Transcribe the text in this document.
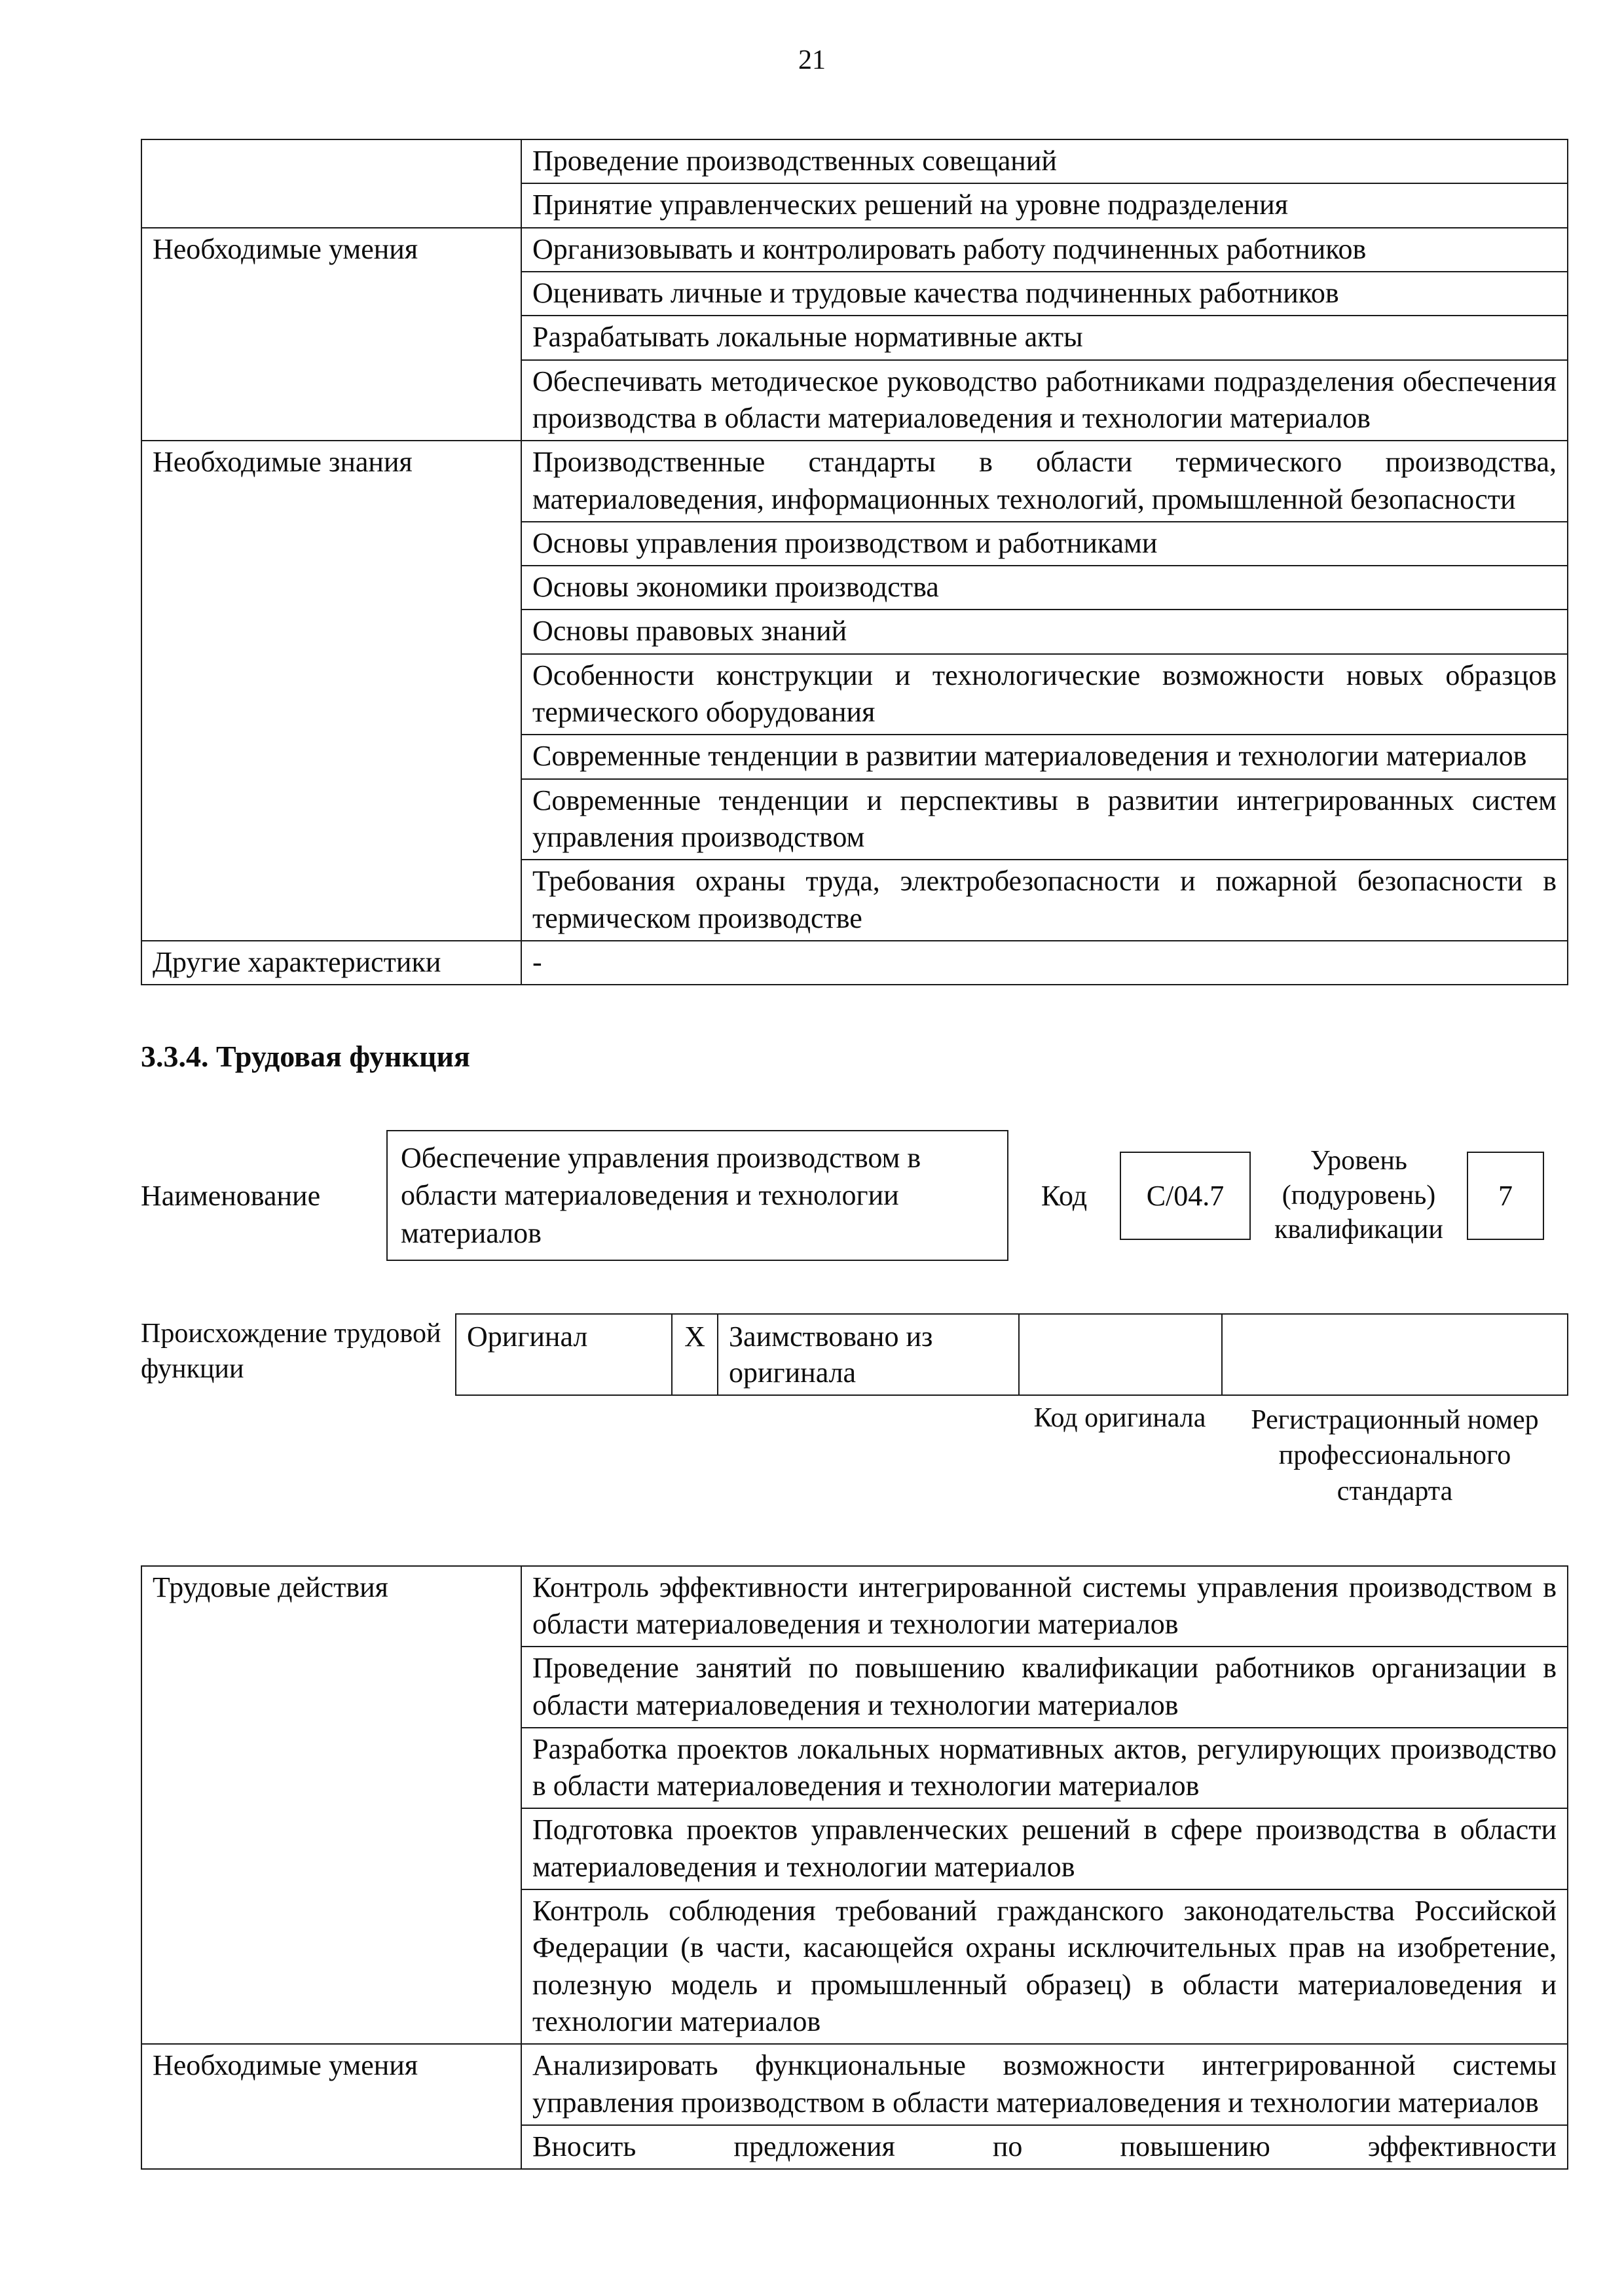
21
	Проведение производственных совещаний
	Принятие управленческих решений на уровне подразделения
Необходимые умения	Организовывать и контролировать работу подчиненных работников
	Оценивать личные и трудовые качества подчиненных работников
	Разрабатывать локальные нормативные акты
	Обеспечивать методическое руководство работниками подразделения обеспечения производства в области материаловедения и технологии материалов
Необходимые знания	Производственные стандарты в области термического производства, материаловедения, информационных технологий, промышленной безопасности
	Основы управления производством и работниками
	Основы экономики производства
	Основы правовых знаний
	Особенности конструкции и технологические возможности новых образцов термического оборудования
	Современные тенденции в развитии материаловедения и технологии материалов
	Современные тенденции и перспективы в развитии интегрированных систем управления производством
	Требования охраны труда, электробезопасности и пожарной безопасности в термическом производстве
Другие характеристики	-
3.3.4. Трудовая функция
Наименование
Обеспечение управления производством в области материаловедения и технологии материалов
Код	С/04.7
Уровень (подуровень) квалификации
7
Происхождение трудовой функции
Оригинал	X	Заимствовано из оригинала		
Код оригинала	Регистрационный номер профессионального стандарта
Трудовые действия	Контроль эффективности интегрированной системы управления производством в области материаловедения и технологии материалов
	Проведение занятий по повышению квалификации работников организации в области материаловедения и технологии материалов
	Разработка проектов локальных нормативных актов, регулирующих производство в области материаловедения и технологии материалов
	Подготовка проектов управленческих решений в сфере производства в области материаловедения и технологии материалов
	Контроль соблюдения требований гражданского законодательства Российской Федерации (в части, касающейся охраны исключительных прав на изобретение, полезную модель и промышленный образец) в области материаловедения и технологии материалов
Необходимые умения	Анализировать функциональные возможности интегрированной системы управления производством в области материаловедения и технологии материалов
	Вносить предложения по повышению эффективности
